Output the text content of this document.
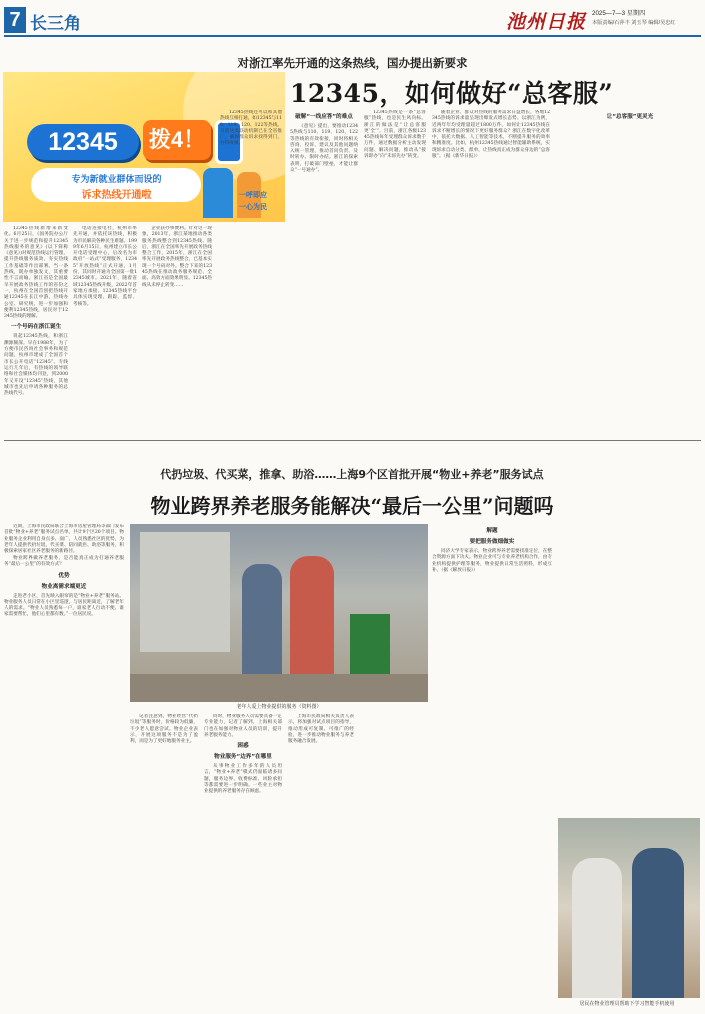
7 长三角	池州日报 2025—7—3 星期四
本版责编/石萍丰 刘玉琴 编辑/吴忠红
对浙江率先开通的这条热线，国办提出新要求
12345，如何做好“总客服”
12345	拨4！
专为新就业群体而设的
诉求热线开通啦	一呼即应
一心为民

12345热线新增来新变化。6月25日，《国务院办公厅关于进一步规范和提升12345热线服务的意见》(以下简称《意见》)对规范热线运行管理、提升热线服务质效、夯实热线工作基础等作出部署。当一条热线，既办单独发文，其重要性不言而喻。浙江省是全国最早开展政务热线工作的省份之一，杭州在全国首创把热线开通12345在长江中游，热线办公室、研究统，进一步加强和便利12345热线，居民对于12345热线的理解。

一个号码在浙江诞生

说起12345热线，和浙江渊源颇深。早在1988年，为了方便市民咨询社会事务和规范问题，杭州市建成了全国首个市长公开电话“12345”。专线运行几年后，有热线的领导联络和社会媒体均刊登，到2000年又开设“12345”热线，其他城市也先后申请各种服务的总热线代号。

电话连接电社，杭州市率先开通，并依托该热线，积极为市民解决各种民生难题。1999年6月15日，杭州建立市长公开电话受理中心，后改名为市政府“一站式”受理服务，12345“开放热线”正式开通，1月份，其同时开通为全国第一批12345城市。2021年，随着省域12345热线升级，2022年首家地方承接。12345热线平台具体实现受理、跟踪、监督、考核等。

企业获办事便利。针对这一现象，2013年，浙江某地推动各类服务热线整合到12345热线。随后，浙江在全国率先开展政务热线整合工作，2015年，浙江在全国率先开展政务热线整合，已基本实现一个号码对外。整合下来的12345热线在推动政务服务规范、全面、高效方面效果明显。12345热线从未停止转变……

12345热线还可以和其他热线互相打通，如12345与110、119、120、122等热线。目前这类联动机制已在全省推广，确保群众诉求找得到门，办得成事。

破解“一线应答”的难点

《意见》提出，要推动12345热线与110、119、120、122等热线的有效衔接，同时将相关咨询、投诉、建议及其他问题纳入统一管理，推动首问负责、及时转办、限时办结。浙江的探索表明，打破部门壁垒，才能让群众“一号通办”。

12345热线是一条“总客服”热线，也是民生风向标。浙江的做法是“让总客服更‘全’”。目前，浙江各级12345热线每年受理群众诉求数千万件，通过数据分析主动发现问题、解决问题，推动从“接诉即办”向“未诉先办”转变。

随着企业、群众对热线的服务需求日益增长，各地12345热线的诉求量呈现出爆发式增长态势。以浙江为例，近两年年均受理量超过1800万件。如何让12345热线在诉求不断增长的情况下更好服务群众？浙江在数字化改革中，依托大数据、人工智能等技术，不断提升服务的效率和精准度。比如，杭州12345热线通过智能辅助系统，实现诉求自动分类、派单，让热线真正成为群众身边的“总客服”。（据《新华日报》）

让“总客服”更灵光
代扔垃圾、代买菜，推拿、助浴……上海9个区首批开展“物业+养老”服务试点
物业跨界养老服务能解决“最后一公里”问题吗
老年人爱上物业提供的服务（资料图）
居民在物业管理员帮助下学习智能手机使用

近期，上海市民政局联合上海市房屋管理局等部门发布首批“物业+养老”服务试点名单，共计9个区20个项目。物业服务企业利用自身点多、面广、人员熟悉社区的优势，为老年人提供代扔垃圾、代买菜、陪同就医、助浴等服务，积极探索居家社区养老服务的新路径。

物业跨界做养老服务，是否能真正成为打通养老服务“最后一公里”的有效方式？

优势
物业离需求端更近

走进老小区，首先映入眼帘的是“物业+养老”服务站。物业服务人员日常在小区里巡逻，与居民距离近，了解老年人的需求。“物业人员熟悉每一户，谁家老人行动不便、谁家需要帮忙，他们心里都有数。”一位居民说。

记者注意到，物业经营“代扔垃圾”等服务时，价格较为低廉，不少老人愿意尝试。物业企业表示，开展这项服务不是为了盈利，而是为了更好地服务业主。

同时，物业服务人员需要具备一定专业能力，记者了解到，上海相关部门也在加强对物业人员的培训，提升养老服务能力。

困惑
物业服务“边界”在哪里

从事物业工作多年的人员坦言，“物业+养老”模式仍面临诸多问题，服务边界、收费标准、风险承担等都需要进一步明确。一些业主对物业提供的养老服务存在顾虑。

上海市民政局相关负责人表示，将加强对试点项目的指导，推动形成可复制、可推广的经验，进一步推动物业服务与养老服务融合发展。

解题
要把服务做细做实

同济大学专家表示，物业跨界养老需要找准定位，在整合资源方面下功夫。物业企业可与专业养老机构合作，由专业机构提供护理等服务，物业提供日常生活照料，形成互补。（据《解放日报》）
